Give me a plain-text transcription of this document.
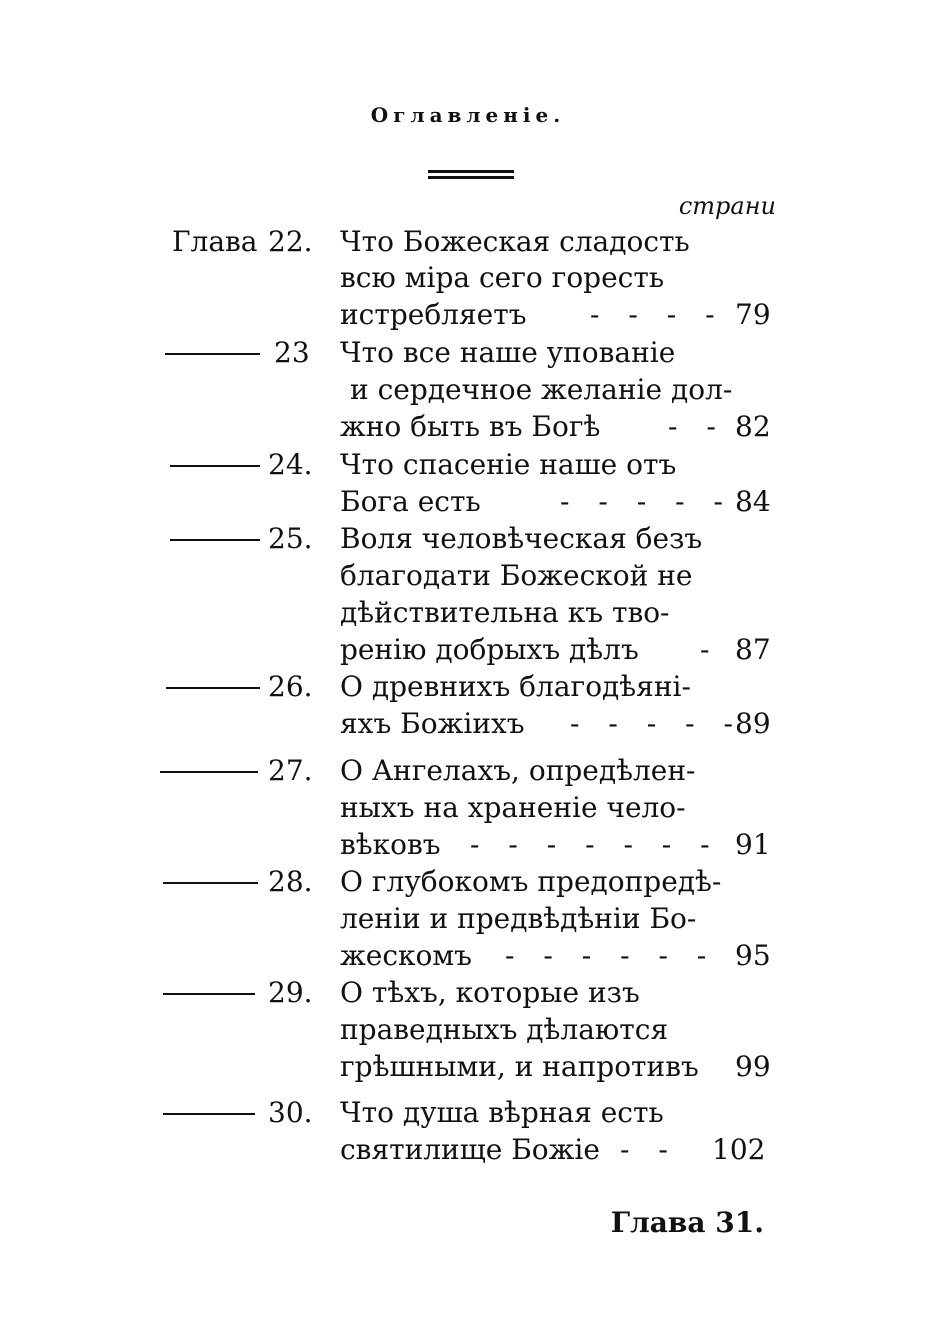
Оглавленіе.
страни
Глава 22. Что Божеская сладость
всю міра сего горесть
истребляетъ - - - - 79
23	Что все наше упованіе
и сердечное желаніе дол-
жно быть въ Богѣ - - 82
24. Что спасеніе наше отъ
Бога есть	- - - - - 84
25. Воля человѣческая безъ
благодати Божеской не
дѣйствительна къ тво-
ренію добрыхъ дѣлъ - 87
26. О древнихъ благодѣяні-
яхъ Божіихъ - - - - -
89
27. О Ангелахъ, опредѣлен-
ныхъ на храненіе чело-
вѣковъ - - - - - - - 91
28. О глубокомъ предопредѣ-
леніи и предвѣдѣніи Бо-
жескомъ - - - - - - 95
29. О тѣхъ, которые изъ
праведныхъ дѣлаются
грѣшными, и напротивъ 99
30. Что душа вѣрная есть
святилище Божіе - - 102
Глава 31.
